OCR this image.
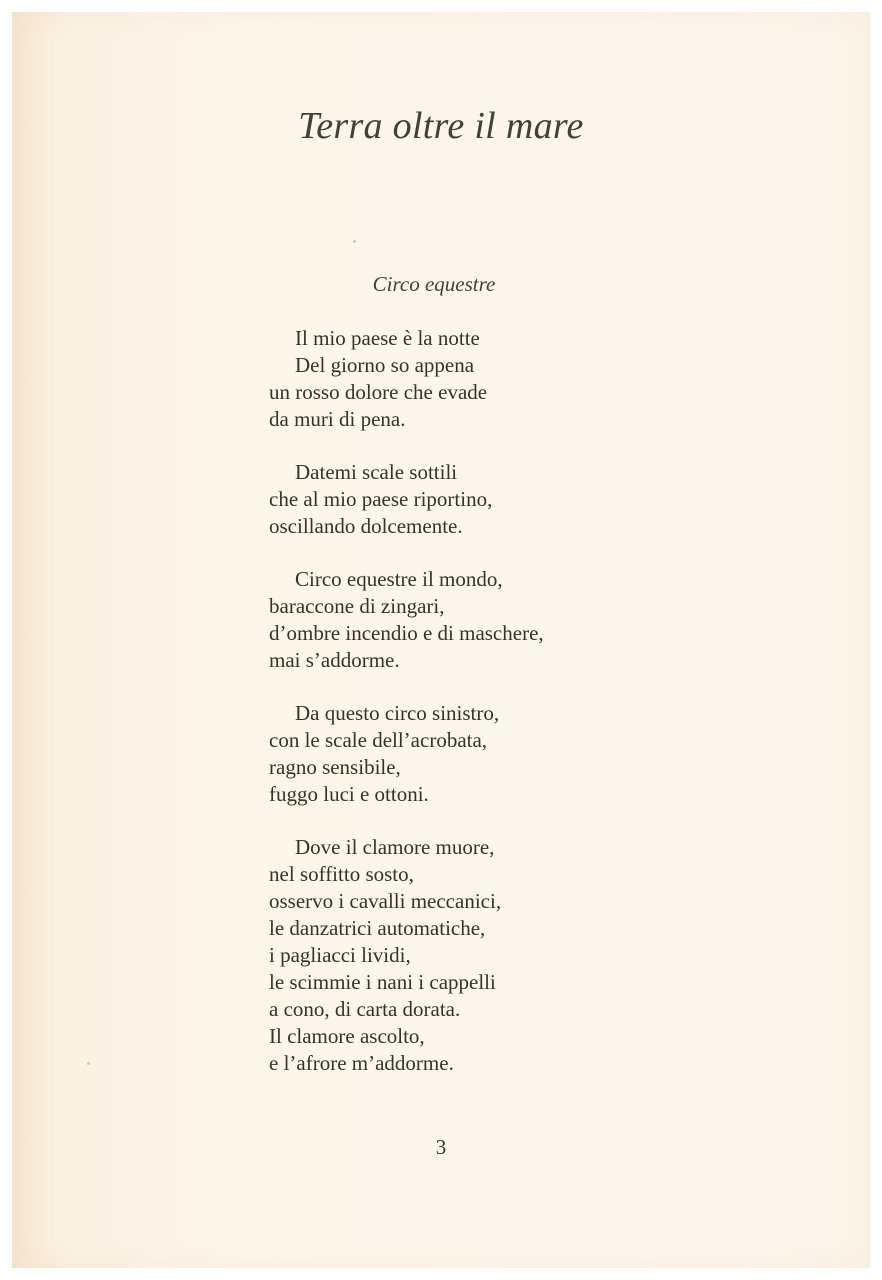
Terra oltre il mare
Circo equestre
Il mio paese è la notte
Del giorno so appena
un rosso dolore che evade
da muri di pena.
Datemi scale sottili
che al mio paese riportino,
oscillando dolcemente.
Circo equestre il mondo,
baraccone di zingari,
d’ombre incendio e di maschere,
mai s’addorme.
Da questo circo sinistro,
con le scale dell’acrobata,
ragno sensibile,
fuggo luci e ottoni.
Dove il clamore muore,
nel soffitto sosto,
osservo i cavalli meccanici,
le danzatrici automatiche,
i pagliacci lividi,
le scimmie i nani i cappelli
a cono, di carta dorata.
Il clamore ascolto,
e l’afrore m’addorme.
3
